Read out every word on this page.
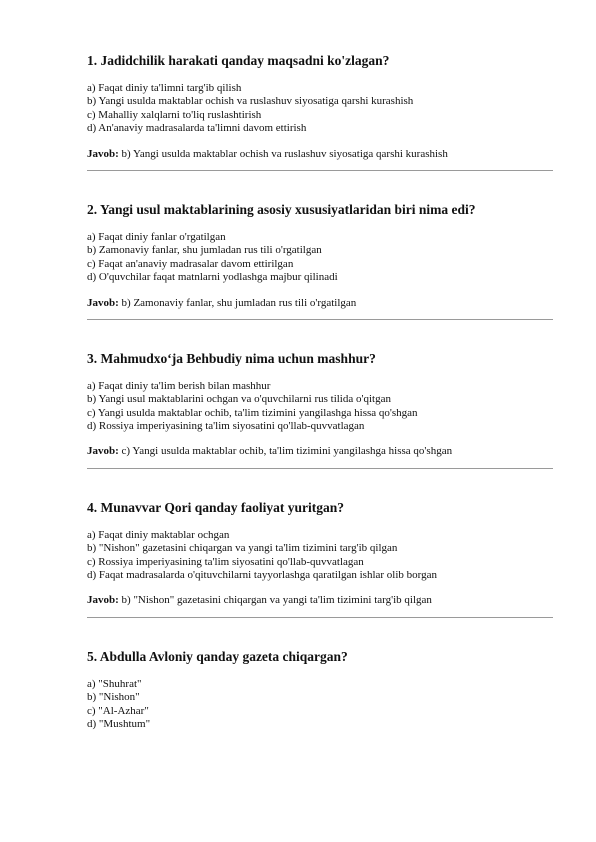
1. Jadidchilik harakati qanday maqsadni ko'zlagan?

a) Faqat diniy ta'limni targ'ib qilish
b) Yangi usulda maktablar ochish va ruslashuv siyosatiga qarshi kurashish
c) Mahalliy xalqlarni to'liq ruslashtirish
d) An'anaviy madrasalarda ta'limni davom ettirish
Javob: b) Yangi usulda maktablar ochish va ruslashuv siyosatiga qarshi kurashish

2. Yangi usul maktablarining asosiy xususiyatlaridan biri nima edi?

a) Faqat diniy fanlar o'rgatilgan
b) Zamonaviy fanlar, shu jumladan rus tili o'rgatilgan
c) Faqat an'anaviy madrasalar davom ettirilgan
d) O'quvchilar faqat matnlarni yodlashga majbur qilinadi
Javob: b) Zamonaviy fanlar, shu jumladan rus tili o'rgatilgan

3. Mahmudxo‘ja Behbudiy nima uchun mashhur?

a) Faqat diniy ta'lim berish bilan mashhur
b) Yangi usul maktablarini ochgan va o'quvchilarni rus tilida o'qitgan
c) Yangi usulda maktablar ochib, ta'lim tizimini yangilashga hissa qo'shgan
d) Rossiya imperiyasining ta'lim siyosatini qo'llab-quvvatlagan
Javob: c) Yangi usulda maktablar ochib, ta'lim tizimini yangilashga hissa qo'shgan

4. Munavvar Qori qanday faoliyat yuritgan?

a) Faqat diniy maktablar ochgan
b) "Nishon" gazetasini chiqargan va yangi ta'lim tizimini targ'ib qilgan
c) Rossiya imperiyasining ta'lim siyosatini qo'llab-quvvatlagan
d) Faqat madrasalarda o'qituvchilarni tayyorlashga qaratilgan ishlar olib borgan
Javob: b) "Nishon" gazetasini chiqargan va yangi ta'lim tizimini targ'ib qilgan

5. Abdulla Avloniy qanday gazeta chiqargan?

a) "Shuhrat"
b) "Nishon"
c) "Al-Azhar"
d) "Mushtum"
